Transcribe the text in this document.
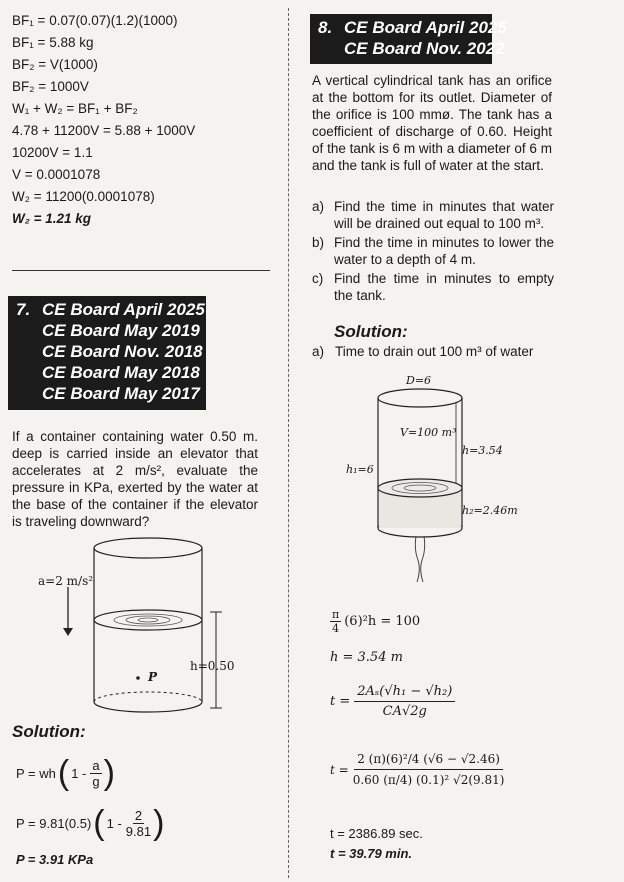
BF₁ = 0.07(0.07)(1.2)(1000)
BF₁ = 5.88 kg
BF₂ = V(1000)
BF₂ = 1000V
W₁ + W₂ = BF₁ + BF₂
4.78 + 11200V = 5.88 + 1000V
10200V = 1.1
V = 0.0001078
W₂ = 11200(0.0001078)
W₂ = 1.21 kg
7. CE Board April 2025
CE Board May 2019
CE Board Nov. 2018
CE Board May 2018
CE Board May 2017
If a container containing water 0.50 m. deep is carried inside an elevator that accelerates at 2 m/s², evaluate the pressure in KPa, exerted by the water at the base of the container if the elevator is traveling downward?
a=2 m/s²
h=0.50
P
Solution:
P = wh ( $1 - \frac{a}{g}$ )
P = 9.81(0.5) ( $1 - \frac{2}{9.81}$ )
P = 3.91 KPa
8. CE Board April 2025
CE Board Nov. 2022
A vertical cylindrical tank has an orifice at the bottom for its outlet. Diameter of the orifice is 100 mmø. The tank has a coefficient of discharge of 0.60. Height of the tank is 6 m with a diameter of 6 m and the tank is full of water at the start.
a) Find the time in minutes that water will be drained out equal to 100 m³.
b) Find the time in minutes to lower the water to a depth of 4 m.
c) Find the time in minutes to empty the tank.
Solution:
a)   Time to drain out 100 m³ of water
D=6
V=100 m³
h=3.54
h₁=6
h₂=2.46m
$\frac{\pi}{4} (6)^2h = 100$
h = 3.54 m
$t = \frac{\text{2Aₛ(√h₁ − √h₂)}}{CA√2g}$
$t = \frac{\text{2 (π)(6)²/4 (√6 − √2.46)}}{\text{0.60 (π/4) (0.1)² √2(9.81)}}$
t = 2386.89 sec.
t = 39.79 min.
